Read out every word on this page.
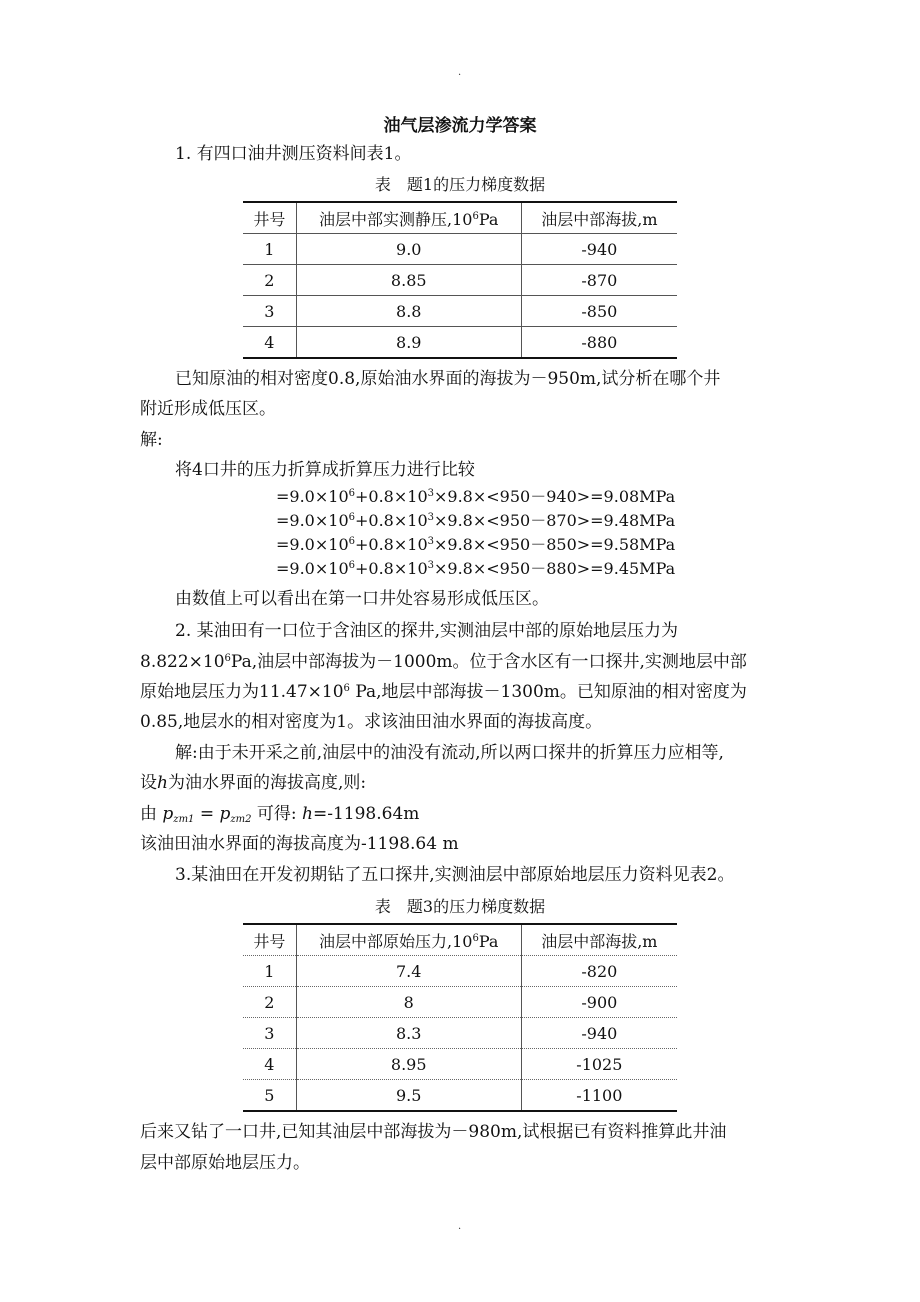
.
油气层渗流力学答案
1. 有四口油井测压资料间表1。
表　题1的压力梯度数据
井号	油层中部实测静压$,10^6Pa$	油层中部海拔,m
1	9.0	-940
2	8.85	-870
3	8.8	-850
4	8.9	-880
已知原油的相对密度0.8,原始油水界面的海拔为－950m,试分析在哪个井
附近形成低压区。
解:
将4口井的压力折算成折算压力进行比较
$=9.0\times 10^6+0.8\times 10^3\times 9.8\times<950-940>=9.08MPa$
$=9.0\times 10^6+0.8\times 10^3\times 9.8\times<950-870>=9.48MPa$
$=9.0\times 10^6+0.8\times 10^3\times 9.8\times<950-850>=9.58MPa$
$=9.0\times 10^6+0.8\times 10^3\times 9.8\times<950-880>=9.45MPa$
由数值上可以看出在第一口井处容易形成低压区。
2. 某油田有一口位于含油区的探井,实测油层中部的原始地层压力为
$8.822\times 10^6Pa$,油层中部海拔为－1000m。位于含水区有一口探井,实测地层中部
原始地层压力为$11.47\times 10^6$ Pa,地层中部海拔－1300m。已知原油的相对密度为
0.85,地层水的相对密度为1。求该油田油水界面的海拔高度。
解:由于未开采之前,油层中的油没有流动,所以两口探井的折算压力应相等,
设h为油水界面的海拔高度,则:
由 $p_{zm1} = p_{zm2}$ 可得: h=-1198.64m
该油田油水界面的海拔高度为-1198.64 m
3.某油田在开发初期钻了五口探井,实测油层中部原始地层压力资料见表2。
表　题3的压力梯度数据
井号	油层中部原始压力$,10^6Pa$	油层中部海拔,m
1	7.4	-820
2	8	-900
3	8.3	-940
4	8.95	-1025
5	9.5	-1100
后来又钻了一口井,已知其油层中部海拔为－980m,试根据已有资料推算此井油
层中部原始地层压力。
.
